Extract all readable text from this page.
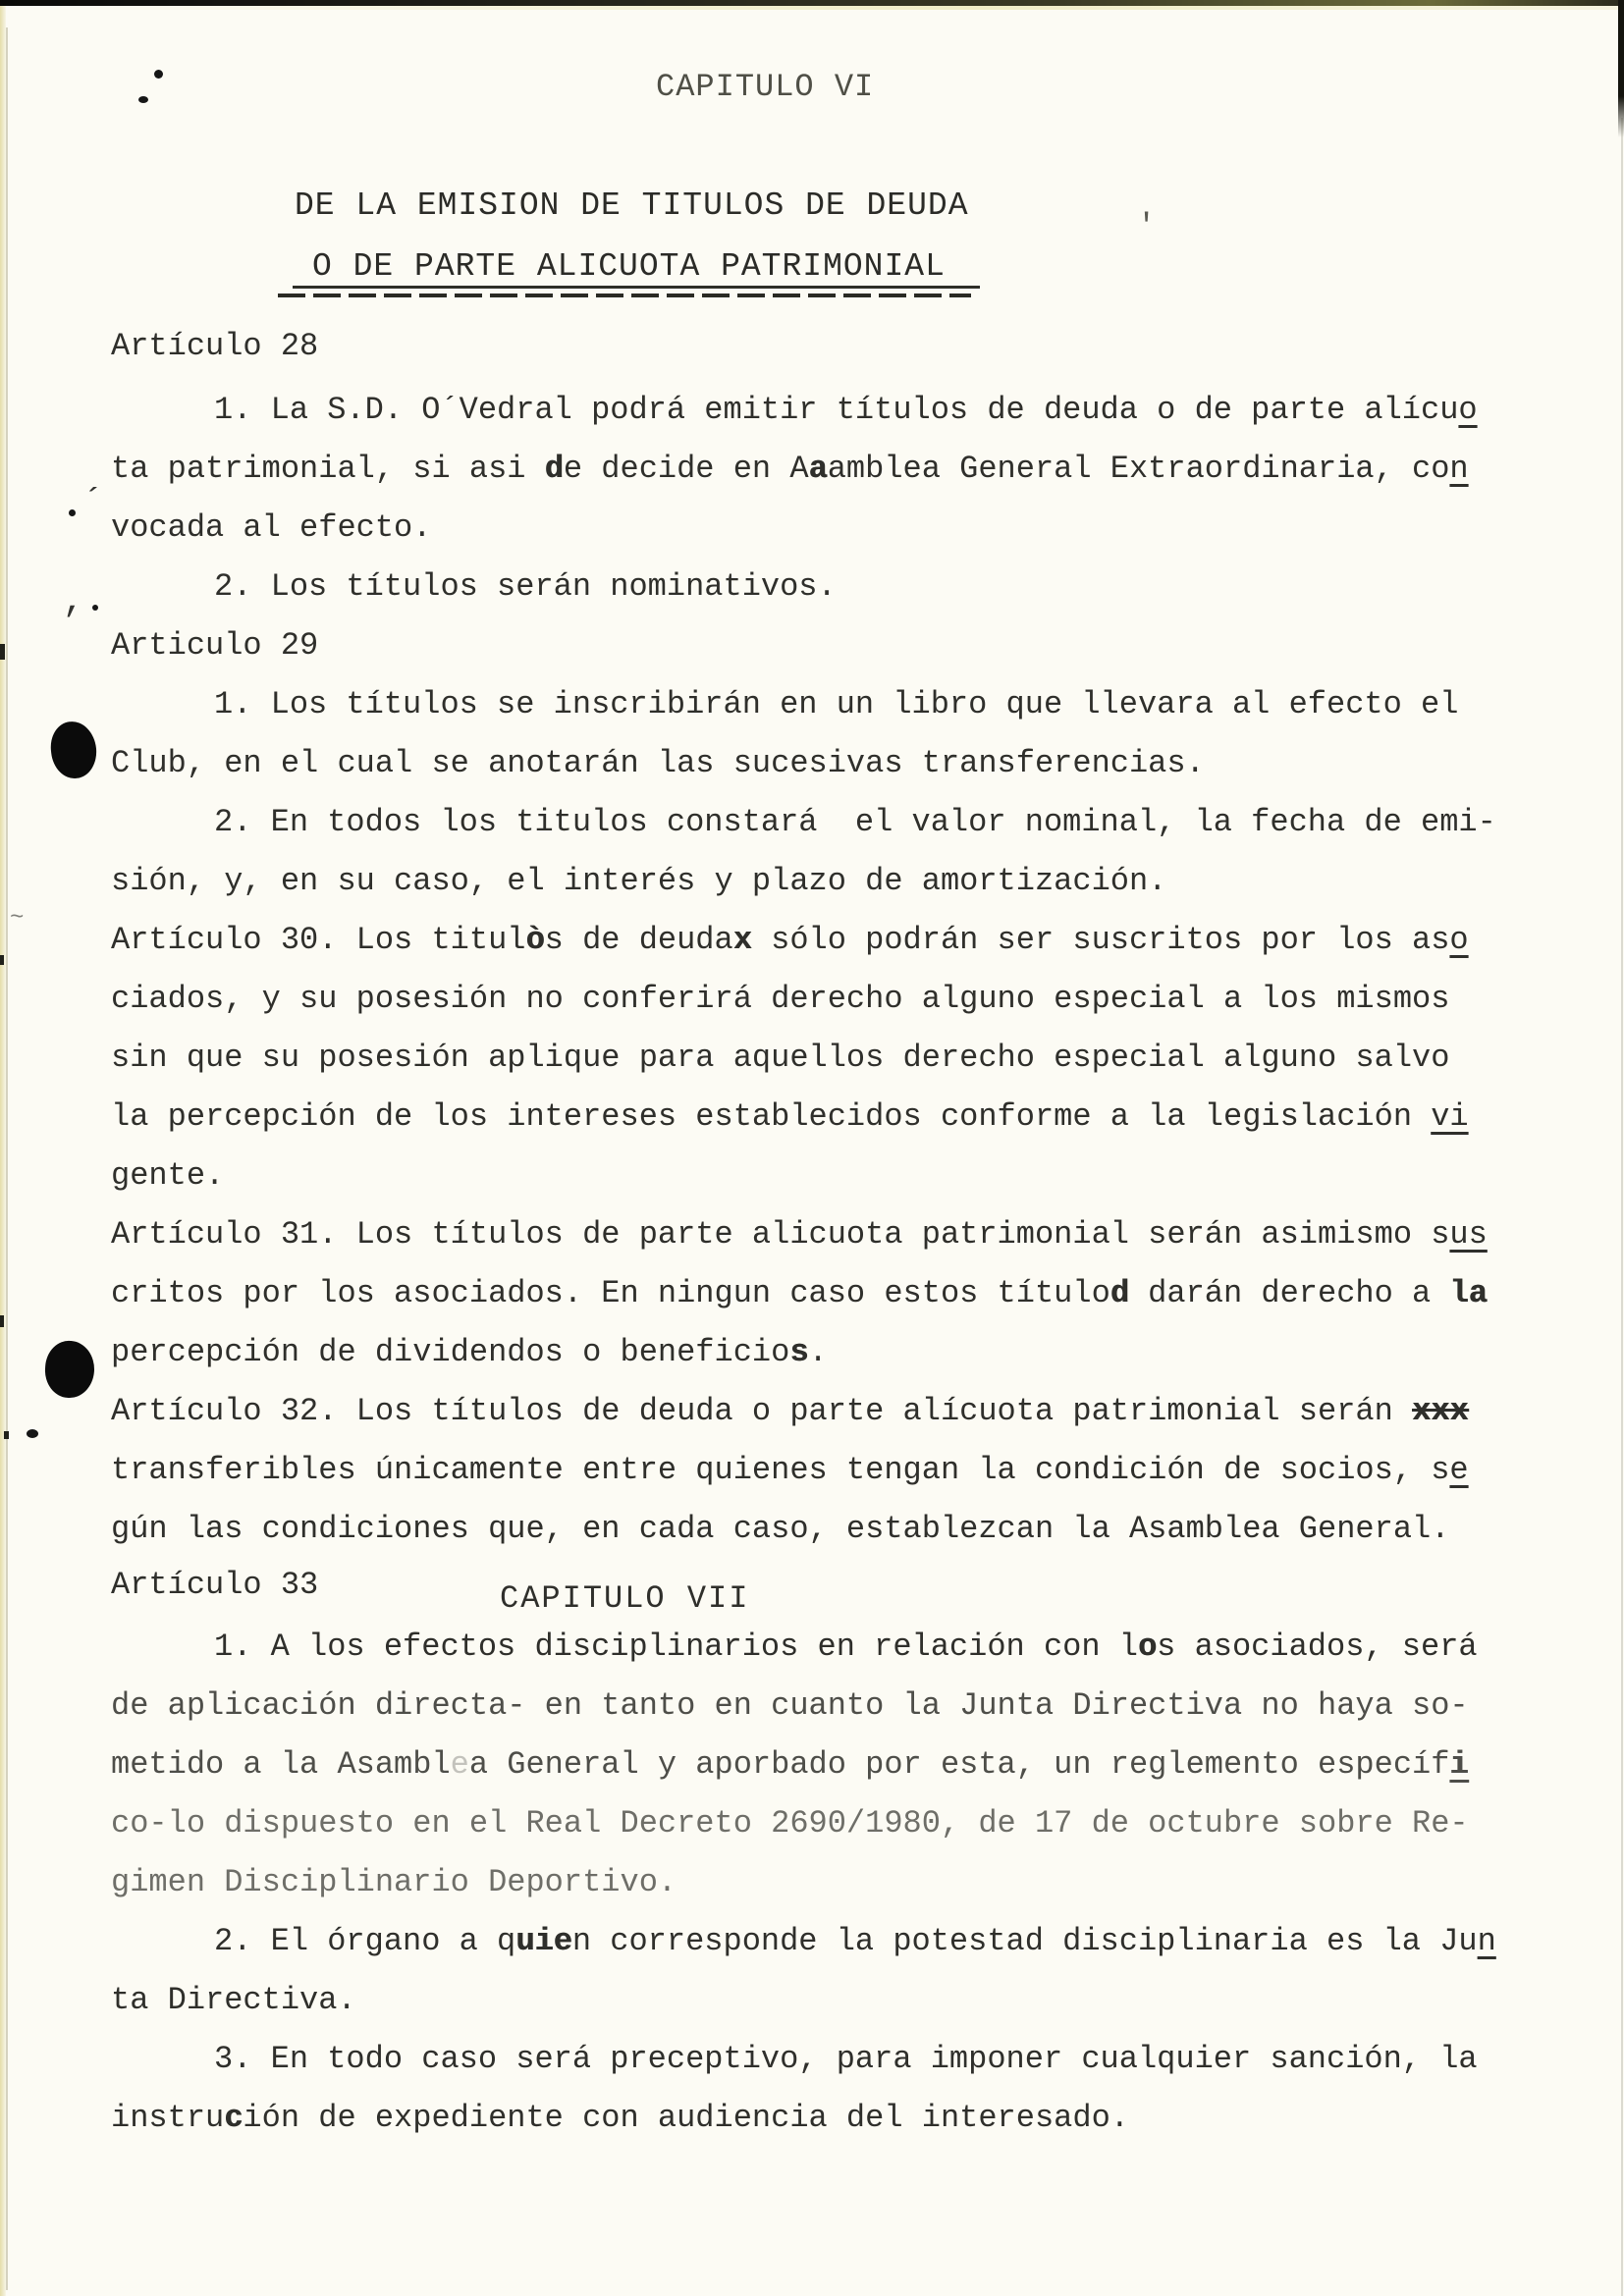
CAPITULO VI
DE LA EMISION DE TITULOS DE DEUDA
O DE PARTE ALICUOTA PATRIMONIAL
Artículo 28
1. La S.D. O´Vedral podrá emitir títulos de deuda o de parte alícuo
ta patrimonial, si asi de decide en Aaamblea General Extraordinaria, con
vocada al efecto.
2. Los títulos serán nominativos.
Articulo 29
1. Los títulos se inscribirán en un libro que llevara al efecto el
Club, en el cual se anotarán las sucesivas transferencias.
2. En todos los titulos constará  el valor nominal, la fecha de emi-
sión, y, en su caso, el interés y plazo de amortización.
Artículo 30. Los titulòs de deudax sólo podrán ser suscritos por los aso
ciados, y su posesión no conferirá derecho alguno especial a los mismos
sin que su posesión aplique para aquellos derecho especial alguno salvo
la percepción de los intereses establecidos conforme a la legislación vi
gente.
Artículo 31. Los títulos de parte alicuota patrimonial serán asimismo sus
critos por los asociados. En ningun caso estos títulod darán derecho a la
percepción de dividendos o beneficios.
Artículo 32. Los títulos de deuda o parte alícuota patrimonial serán xxx
transferibles únicamente entre quienes tengan la condición de socios, se
gún las condiciones que, en cada caso, establezcan la Asamblea General.
Artículo 33	CAPITULO VII
1. A los efectos disciplinarios en relación con los asociados, será
de aplicación directa- en tanto en cuanto la Junta Directiva no haya so-
metido a la Asamblea General y aporbado por esta, un reglemento específi
co-lo dispuesto en el Real Decreto 2690/1980, de 17 de octubre sobre Re-
gimen Disciplinario Deportivo.
2. El órgano a quien corresponde la potestad disciplinaria es la Jun
ta Directiva.
3. En todo caso será preceptivo, para imponer cualquier sanción, la
instrución de expediente con audiencia del interesado.
´
,
~
'
